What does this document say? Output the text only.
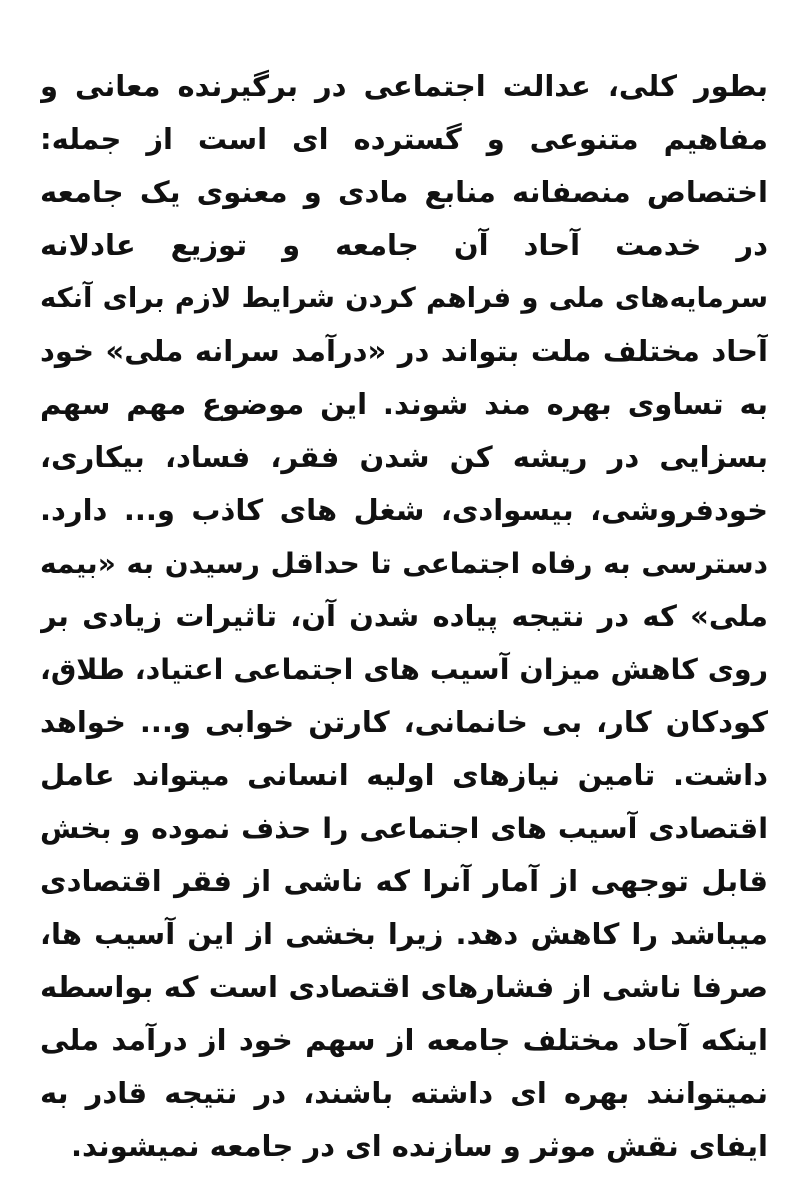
بطور کلی، عدالت اجتماعی در برگیرنده معانی و
مفاهیم متنوعی و گسترده ای است از جمله:
اختصاص منصفانه منابع مادی و معنوی یک جامعه
در خدمت آحاد آن جامعه و توزیع عادلانه
سرمایه‌های ملی و فراهم کردن شرایط لازم برای آنکه
آحاد مختلف ملت بتواند در «درآمد سرانه ملی» خود
به تساوی بهره مند شوند. این موضوع مهم سهم
بسزایی در ریشه کن شدن فقر، فساد، بیکاری،
خودفروشی، بیسوادی، شغل های کاذب و... دارد.
دسترسی به رفاه اجتماعی تا حداقل رسیدن به «بیمه
ملی» که در نتیجه پیاده شدن آن، تاثیرات زیادی بر
روی کاهش میزان آسیب های اجتماعی اعتیاد، طلاق،
کودکان کار، بی خانمانی، کارتن خوابی و... خواهد
داشت. تامین نیازهای اولیه انسانی میتواند عامل
اقتصادی آسیب های اجتماعی را حذف نموده و بخش
قابل توجهی از آمار آنرا که ناشی از فقر اقتصادی
میباشد را کاهش دهد. زیرا بخشی از این آسیب ها،
صرفا ناشی از فشارهای اقتصادی است که بواسطه
اینکه آحاد مختلف جامعه از سهم خود از درآمد ملی
نمیتوانند بهره ای داشته باشند، در نتیجه قادر به
ایفای نقش موثر و سازنده ای در جامعه نمیشوند.
